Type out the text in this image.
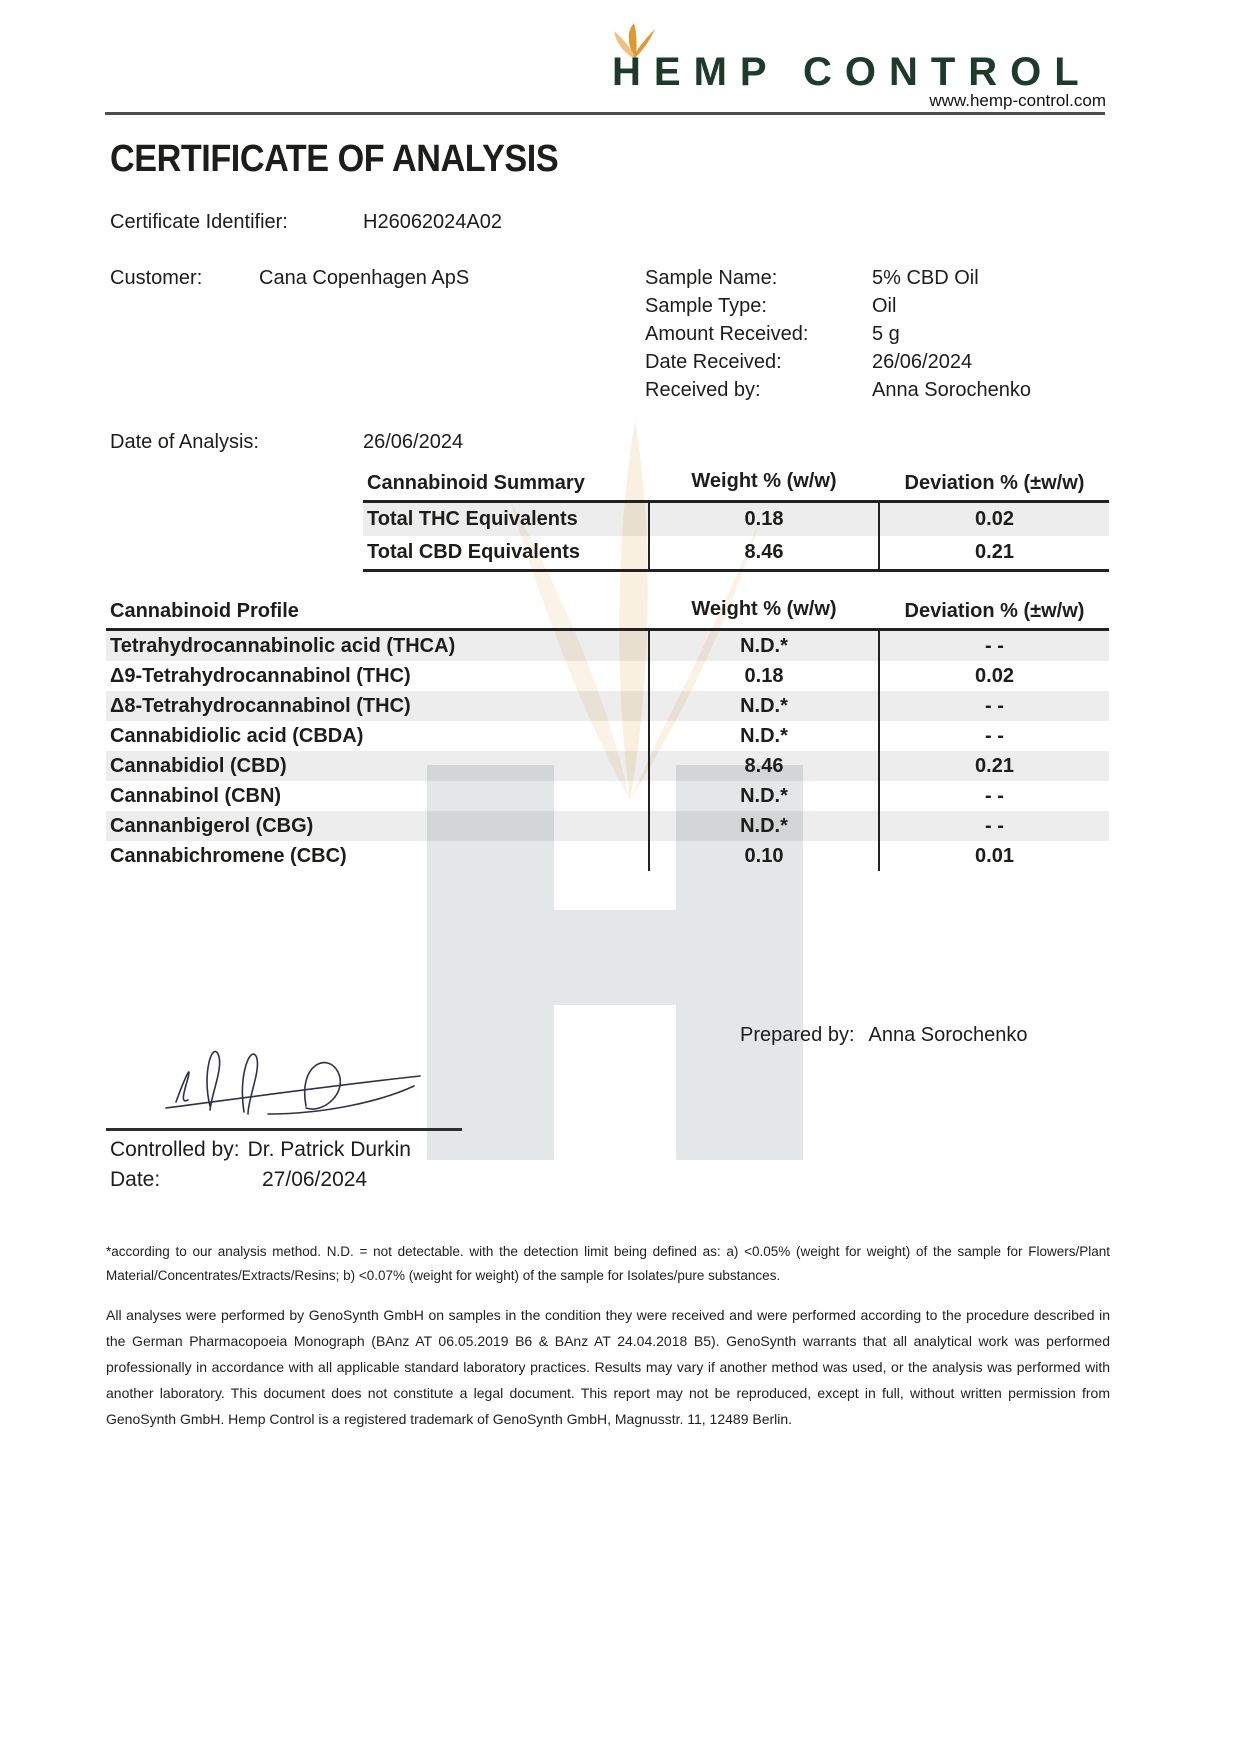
HEMP CONTROL
www.hemp-control.com
CERTIFICATE OF ANALYSIS
Certificate Identifier:	H26062024A02
Customer:	Cana Copenhagen ApS	Sample Name:	5% CBD Oil
Sample Type:	Oil
Amount Received:	5 g
Date Received:	26/06/2024
Received by:	Anna Sorochenko
Date of Analysis:	26/06/2024
Cannabinoid Summary	Weight % (w/w)	Deviation % (±w/w)
Total THC Equivalents	0.18	0.02
Total CBD Equivalents	8.46	0.21
Cannabinoid Profile	Weight % (w/w)	Deviation % (±w/w)
Tetrahydrocannabinolic acid (THCA)	N.D.*	- -
Δ9-Tetrahydrocannabinol (THC)	0.18	0.02
Δ8-Tetrahydrocannabinol (THC)	N.D.*	- -
Cannabidiolic acid (CBDA)	N.D.*	- -
Cannabidiol (CBD)	8.46	0.21
Cannabinol (CBN)	N.D.*	- -
Cannanbigerol (CBG)	N.D.*	- -
Cannabichromene (CBC)	0.10	0.01
Prepared by: Anna Sorochenko
Controlled by: Dr. Patrick Durkin
Date:	27/06/2024
*according to our analysis method. N.D. = not detectable. with the detection limit being defined as: a) <0.05% (weight for weight) of the sample for Flowers/Plant Material/Concentrates/Extracts/Resins; b) <0.07% (weight for weight) of the sample for Isolates/pure substances.
All analyses were performed by GenoSynth GmbH on samples in the condition they were received and were performed according to the procedure described in the German Pharmacopoeia Monograph (BAnz AT 06.05.2019 B6 & BAnz AT 24.04.2018 B5). GenoSynth warrants that all analytical work was performed professionally in accordance with all applicable standard laboratory practices. Results may vary if another method was used, or the analysis was performed with another laboratory. This document does not constitute a legal document. This report may not be reproduced, except in full, without written permission from GenoSynth GmbH. Hemp Control is a registered trademark of GenoSynth GmbH, Magnusstr. 11, 12489 Berlin.
